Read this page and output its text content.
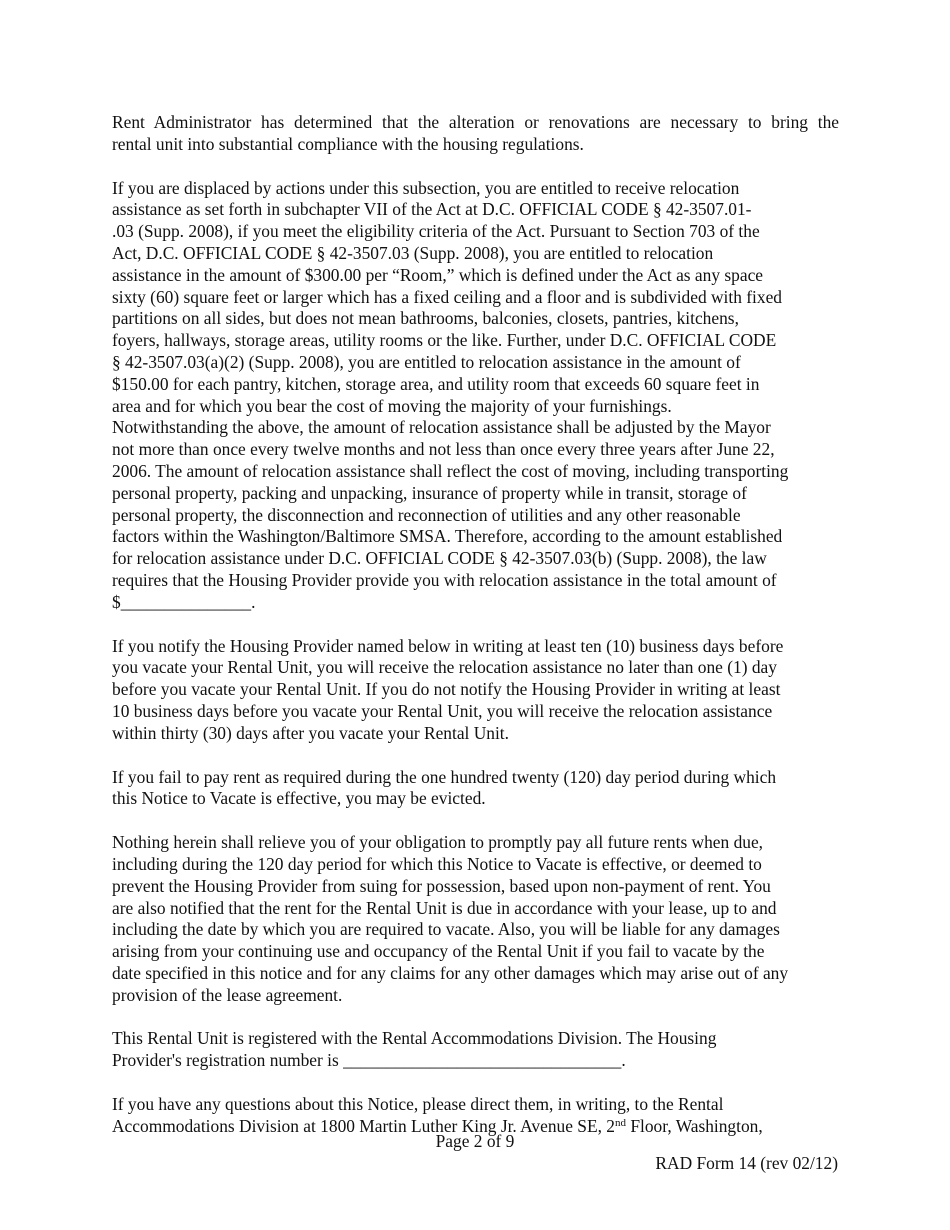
Rent Administrator has determined that the alteration or renovations are necessary to bring the
rental unit into substantial compliance with the housing regulations.

If you are displaced by actions under this subsection, you are entitled to receive relocation
assistance as set forth in subchapter VII of the Act at D.C. OFFICIAL CODE § 42-3507.01-
.03 (Supp. 2008), if you meet the eligibility criteria of the Act. Pursuant to Section 703 of the
Act, D.C. OFFICIAL CODE § 42-3507.03 (Supp. 2008), you are entitled to relocation
assistance in the amount of $300.00 per “Room,” which is defined under the Act as any space
sixty (60) square feet or larger which has a fixed ceiling and a floor and is subdivided with fixed
partitions on all sides, but does not mean bathrooms, balconies, closets, pantries, kitchens,
foyers, hallways, storage areas, utility rooms or the like. Further, under D.C. OFFICIAL CODE
§ 42-3507.03(a)(2) (Supp. 2008), you are entitled to relocation assistance in the amount of
$150.00 for each pantry, kitchen, storage area, and utility room that exceeds 60 square feet in
area and for which you bear the cost of moving the majority of your furnishings.
Notwithstanding the above, the amount of relocation assistance shall be adjusted by the Mayor
not more than once every twelve months and not less than once every three years after June 22,
2006. The amount of relocation assistance shall reflect the cost of moving, including transporting
personal property, packing and unpacking, insurance of property while in transit, storage of
personal property, the disconnection and reconnection of utilities and any other reasonable
factors within the Washington/Baltimore SMSA. Therefore, according to the amount established
for relocation assistance under D.C. OFFICIAL CODE § 42-3507.03(b) (Supp. 2008), the law
requires that the Housing Provider provide you with relocation assistance in the total amount of
$_______________.

If you notify the Housing Provider named below in writing at least ten (10) business days before
you vacate your Rental Unit, you will receive the relocation assistance no later than one (1) day
before you vacate your Rental Unit. If you do not notify the Housing Provider in writing at least
10 business days before you vacate your Rental Unit, you will receive the relocation assistance
within thirty (30) days after you vacate your Rental Unit.

If you fail to pay rent as required during the one hundred twenty (120) day period during which
this Notice to Vacate is effective, you may be evicted.

Nothing herein shall relieve you of your obligation to promptly pay all future rents when due,
including during the 120 day period for which this Notice to Vacate is effective, or deemed to
prevent the Housing Provider from suing for possession, based upon non-payment of rent. You
are also notified that the rent for the Rental Unit is due in accordance with your lease, up to and
including the date by which you are required to vacate. Also, you will be liable for any damages
arising from your continuing use and occupancy of the Rental Unit if you fail to vacate by the
date specified in this notice and for any claims for any other damages which may arise out of any
provision of the lease agreement.

This Rental Unit is registered with the Rental Accommodations Division. The Housing
Provider's registration number is ________________________________.

If you have any questions about this Notice, please direct them, in writing, to the Rental
Accommodations Division at 1800 Martin Luther King Jr. Avenue SE, 2nd Floor, Washington,

Page 2 of 9
RAD Form 14 (rev 02/12)
